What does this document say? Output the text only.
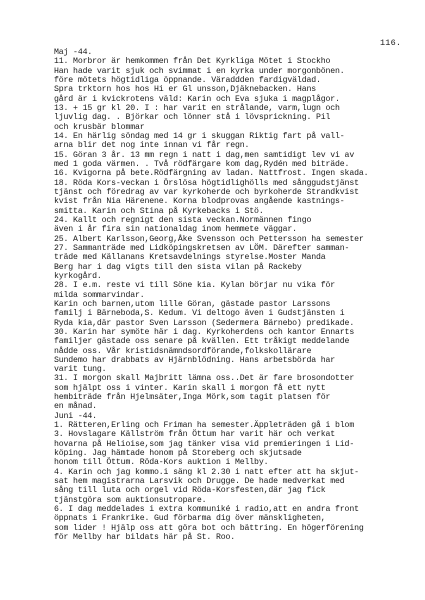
116.
Maj -44.
11. Morbror är hemkommen från Det Kyrkliga Mötet i Stockho
Han hade varit sjuk och svimmat i en kyrka under morgonbönen.
före mötets högtidliga öppnande. Väraddden fardigväldad.
Spra trktorn hos hos Hi er Gl unsson,Djäknebacken. Hans
gård är i kvickrotens väld: Karin och Eva sjuka i magplågor.
13. + 15 gr kl 20. I : har varit en strålande, varm,lugn och
ljuvlig dag. . Björkar och lönner stå i lövsprickning. Pil
och krusbär blommar
14. En härlig söndag med 14 gr i skuggan Riktig fart på vall-
arna blir det nog inte innan vi får regn.
15. Göran 3 år. 13 mm regn i natt i dag,men samtidigt lev vi av
med 1 goda värmen. . Två rödfärgare kom dag,Rydén med biträde.
16. Kvigorna på bete.Rödfärgning av ladan. Nattfrost. Ingen skada.
18. Röda Kors-veckan i Örslösa högtidlighölls med sånggudstjänst
tjänst och föredrag av var kyrkoherde och byrkoherde Strandkvist
kvist från Nia Härenene. Korna blodprovas angående kastnings-
smitta. Karin och Stina på Kyrkebacks i Stö.
24. Kallt och regnigt den sista veckan.Normännen fingo
även i år fira sin nationaldag inom hemmete väggar.
25. Albert Karlsson,Georg,Åke Svensson och Pettersson ha semester
27. Sammanträde med Lidköpingskretsen av LÖM. Därefter samman-
träde med Källanans Kretsavdelnings styrelse.Moster Manda
Berg har i dag vigts till den sista vilan på Rackeby
kyrkogård.
28. I e.m. reste vi till Söne kia. Kylan börjar nu vika för
milda sommarvindar.
Karin och barnen,utom lille Göran, gästade pastor Larssons
familj i Bärneboda,S. Kedum. Vi deltogo även i Gudstjänsten i
Ryda kia,där pastor Sven Larsson (Sedermera Bärnebo) predikade.
30. Karin har symöte här i dag. Kyrkoherdens och kantor Ennarts
familjer gästade oss senare på kvällen. Ett tråkigt meddelande
nådde oss. Vår kristidsnämndsordförande,folkskollärare
Sundemo har drabbats av Hjärnblödning. Hans arbetsbörda har
varit tung.
31. I morgon skall Majbritt lämna oss..Det är fare brosondotter
som hjälpt oss i vinter. Karin skall i morgon få ett nytt
hembiträde från Hjelmsäter,Inga Mörk,som tagit platsen för
en månad.
Juni -44.
1. Rätteren,Erling och Friman ha semester.Äppleträden gå i blom
3. Hovslagare Källström från Öttum har varit här och verkat
hovarna på Helioise,som jag tänker visa vid premieringen i Lid-
köping. Jag hämtade honom på Storeberg och skjutsade
honom till Öttum. Röda-Kors auktion i Mellby.
4. Karin och jag kommo.i säng kl 2.30 i natt efter att ha skjut-
sat hem magistrarna Larsvik och Drugge. De hade medverkat med
sång till luta och orgel vid Röda-Korsfesten,där jag fick
tjänstgöra som auktionsutropare.
6. I dag meddelades i extra kommuniké i radio,att en andra front
öppnats i Frankrike. Gud förbarma dig över mänskligheten,
som lider ! Hjälp oss att göra bot och bättring. En högerförening
för Mellby har bildats här på St. Roo.
